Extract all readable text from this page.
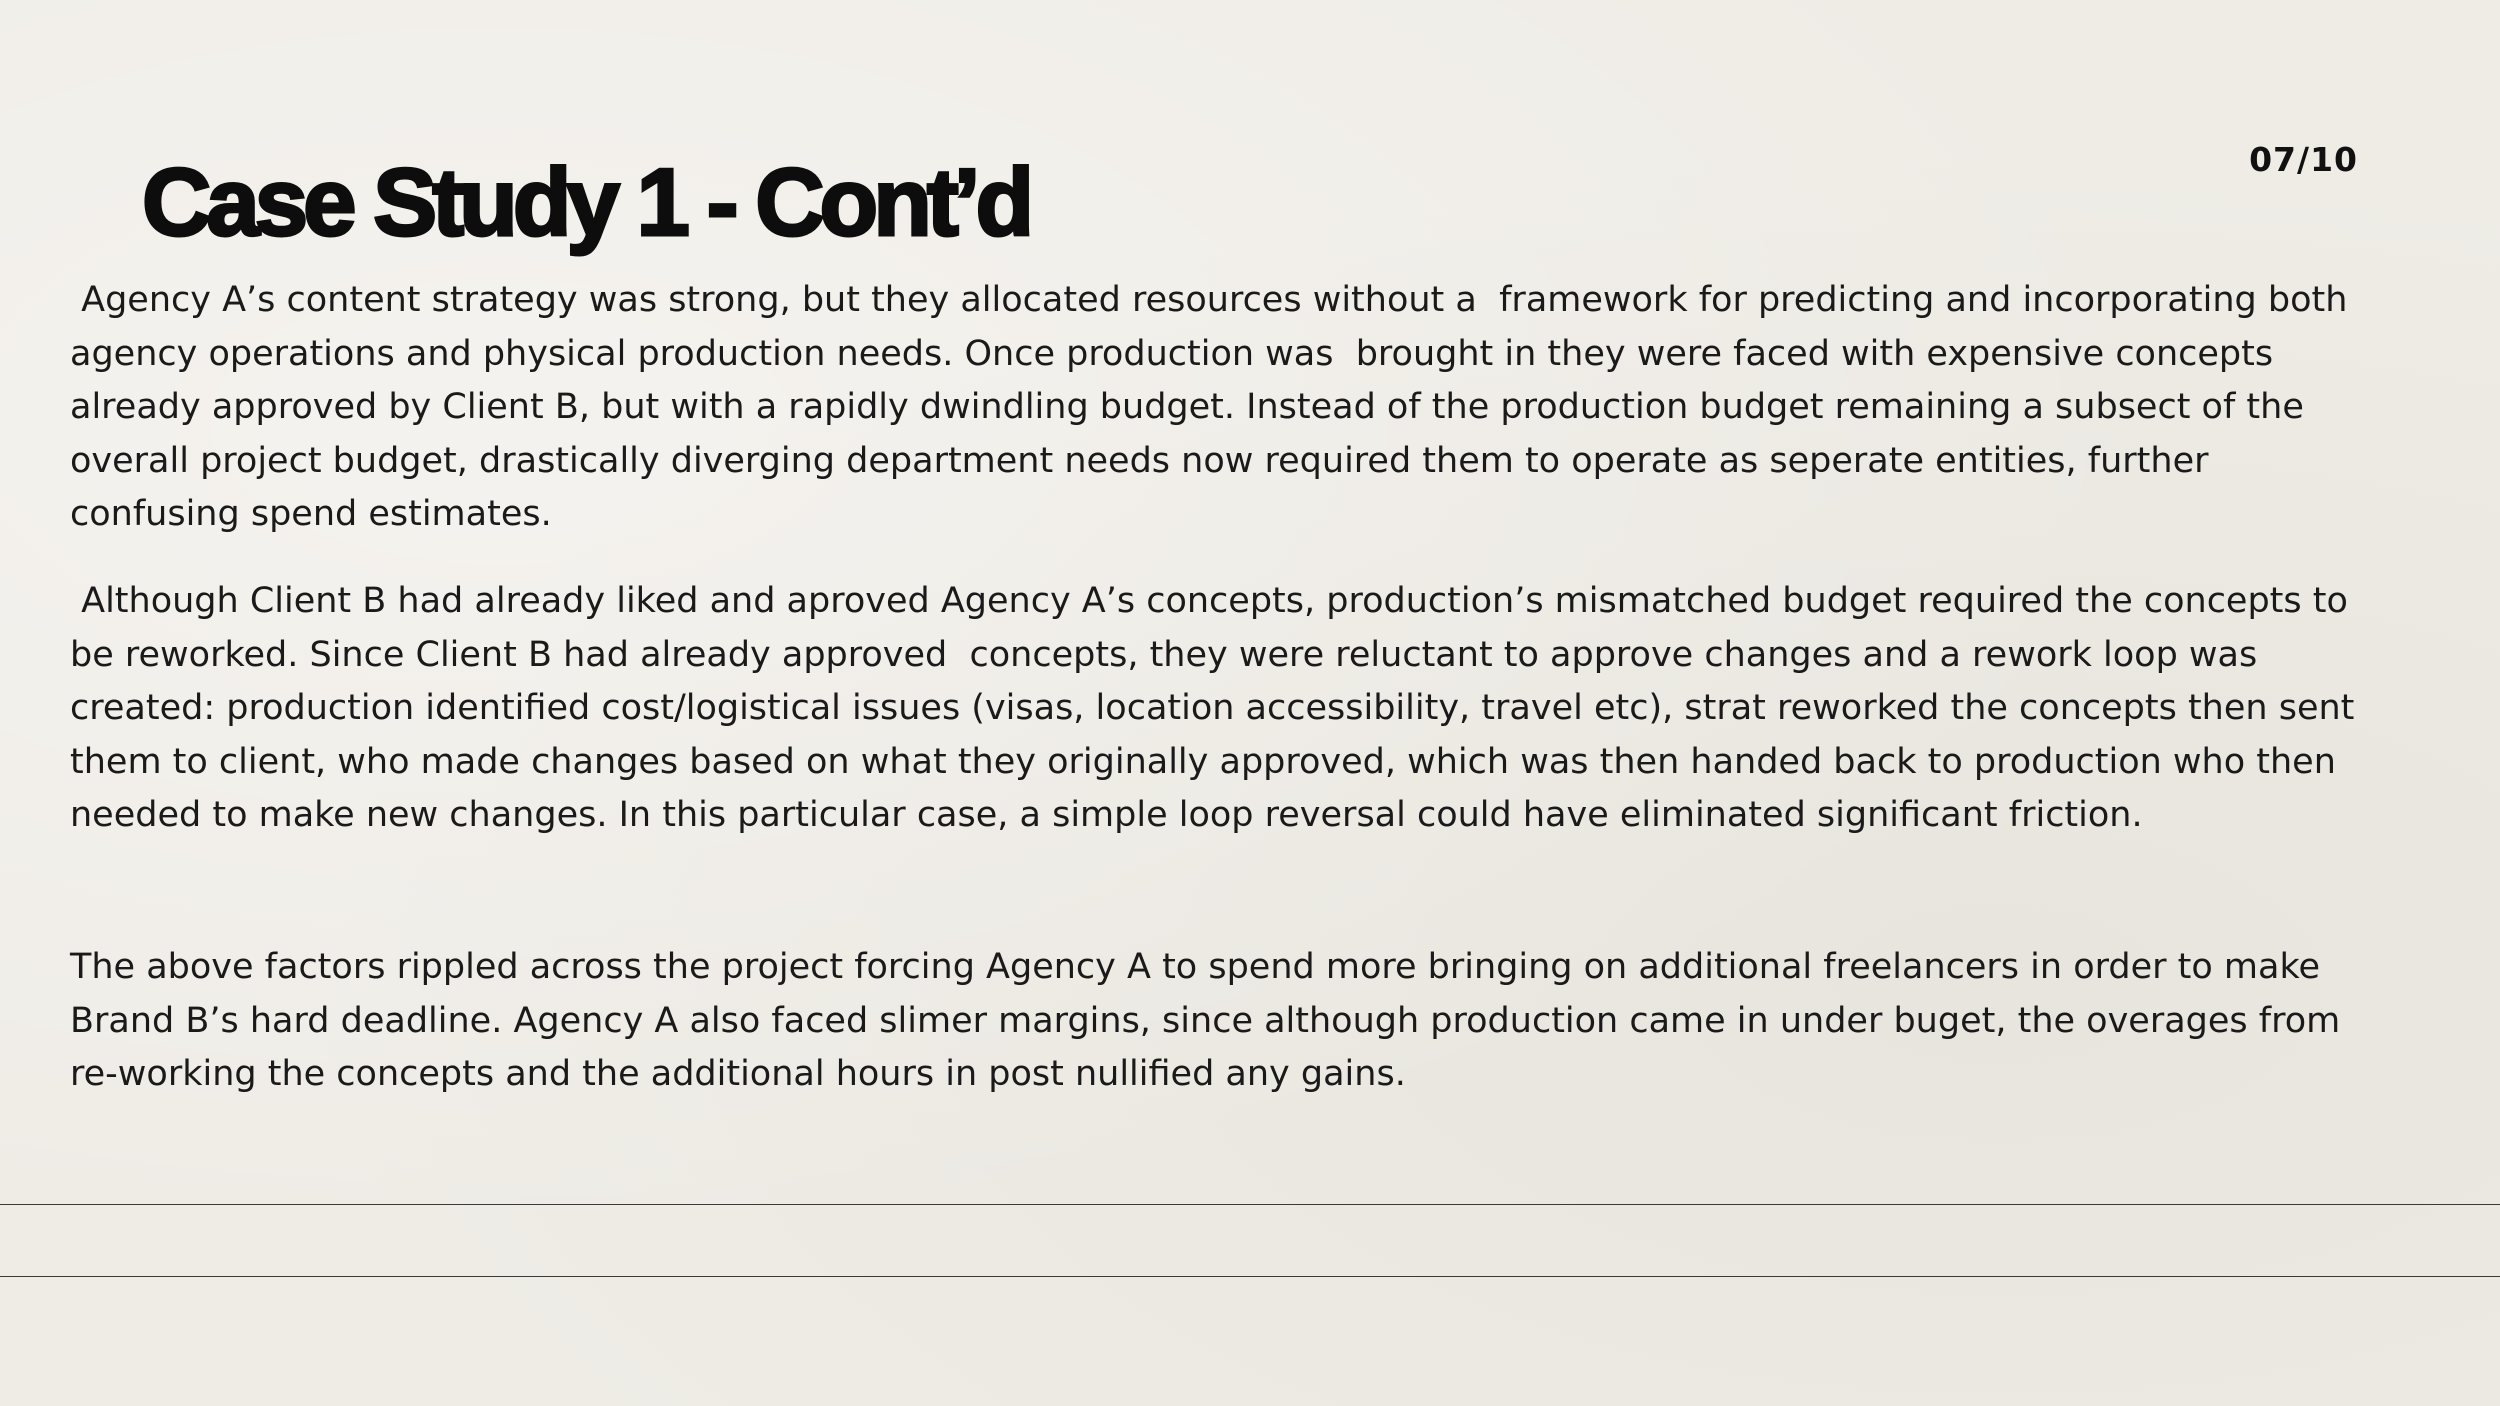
07/10
Case Study 1 - Cont’d

Agency A’s content strategy was strong, but they allocated resources without a  framework for predicting and incorporating both agency operations and physical production needs. Once production was  brought in they were faced with expensive concepts already approved by Client B, but with a rapidly dwindling budget. Instead of the production budget remaining a subsect of the overall project budget, drastically diverging department needs now required them to operate as seperate entities, further confusing spend estimates.

Although Client B had already liked and aproved Agency A’s concepts, production’s mismatched budget required the concepts to be reworked. Since Client B had already approved  concepts, they were reluctant to approve changes and a rework loop was created: production identified cost/logistical issues (visas, location accessibility, travel etc), strat reworked the concepts then sent them to client, who made changes based on what they originally approved, which was then handed back to production who then needed to make new changes. In this particular case, a simple loop reversal could have eliminated significant friction.

The above factors rippled across the project forcing Agency A to spend more bringing on additional freelancers in order to make Brand B’s hard deadline. Agency A also faced slimer margins, since although production came in under buget, the overages from re-working the concepts and the additional hours in post nullified any gains.
